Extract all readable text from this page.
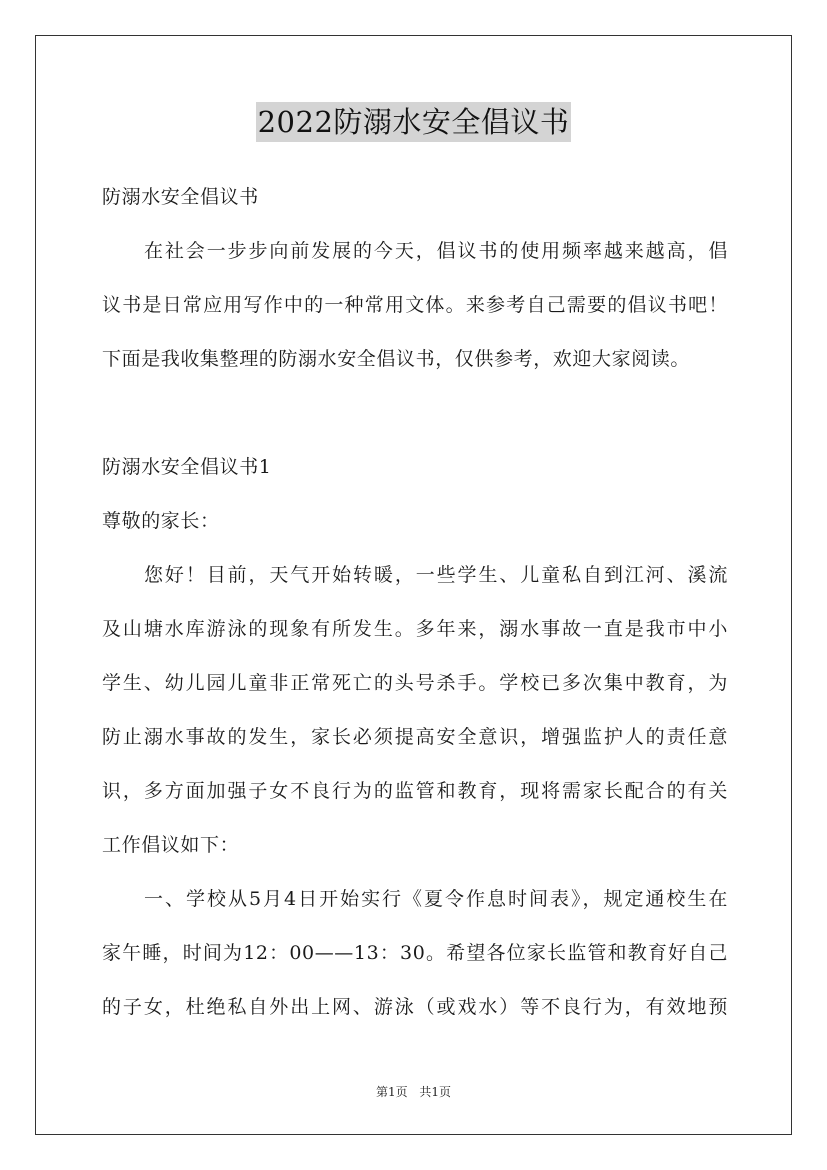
2022防溺水安全倡议书
防溺水安全倡议书
在社会一步步向前发展的今天，倡议书的使用频率越来越高，倡
议书是日常应用写作中的一种常用文体。来参考自己需要的倡议书吧！
下面是我收集整理的防溺水安全倡议书，仅供参考，欢迎大家阅读。
防溺水安全倡议书1
尊敬的家长：
您好！目前，天气开始转暖，一些学生、儿童私自到江河、溪流
及山塘水库游泳的现象有所发生。多年来，溺水事故一直是我市中小
学生、幼儿园儿童非正常死亡的头号杀手。学校已多次集中教育，为
防止溺水事故的发生，家长必须提高安全意识，增强监护人的责任意
识，多方面加强子女不良行为的监管和教育，现将需家长配合的有关
工作倡议如下：
一、学校从5月4日开始实行《夏令作息时间表》，规定通校生在
家午睡，时间为12：00——13：30。希望各位家长监管和教育好自己
的子女，杜绝私自外出上网、游泳（或戏水）等不良行为，有效地预
第1页 共1页
